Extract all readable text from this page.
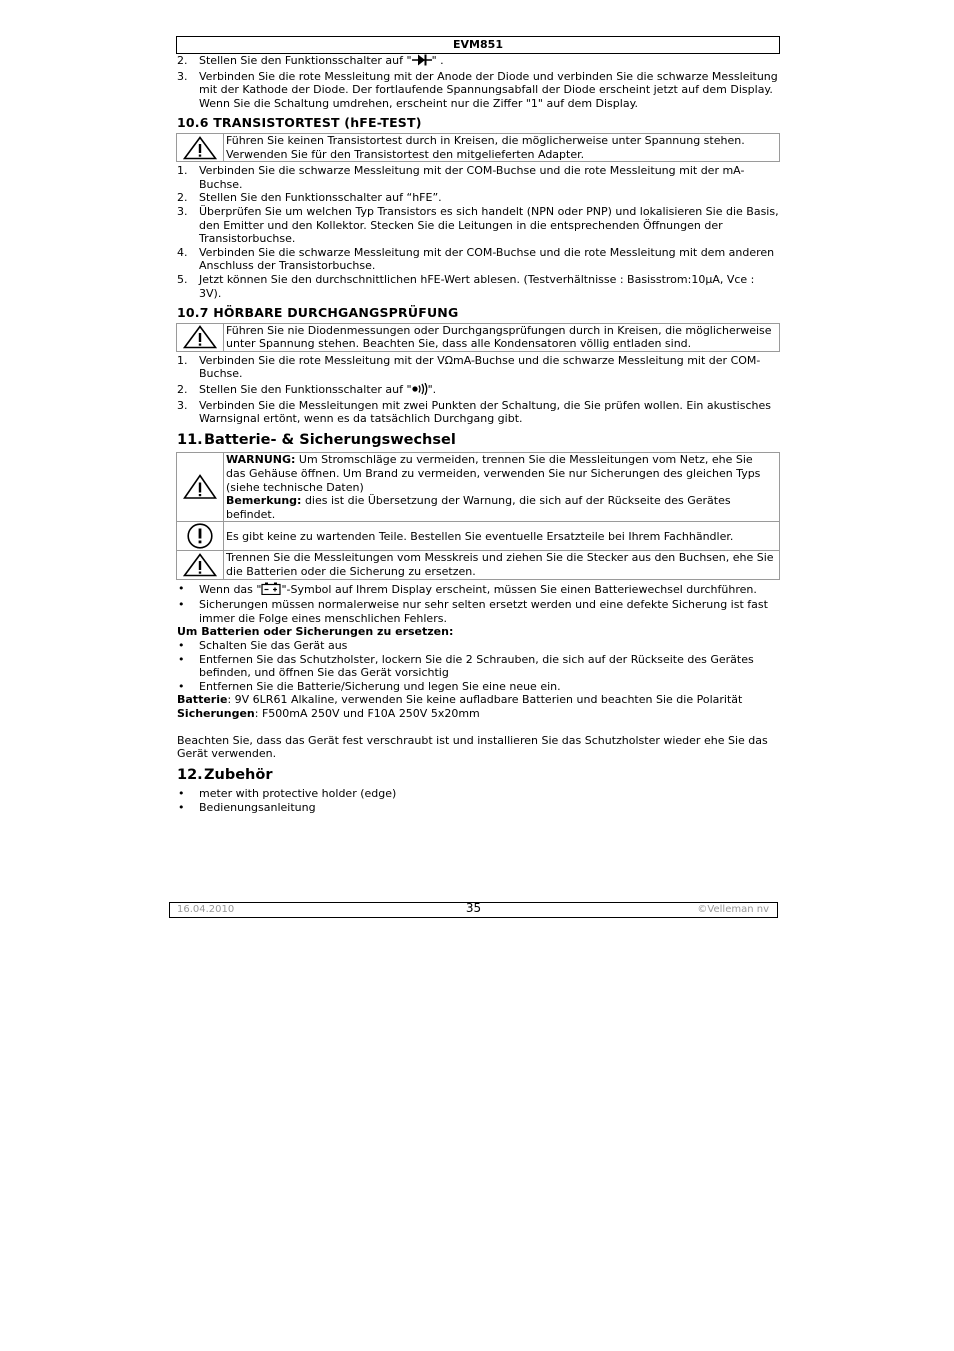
EVM851
2. Stellen Sie den Funktionsschalter auf " " .
3. Verbinden Sie die rote Messleitung mit der Anode der Diode und verbinden Sie die schwarze Messleitung mit der Kathode der Diode. Der fortlaufende Spannungsabfall der Diode erscheint jetzt auf dem Display. Wenn Sie die Schaltung umdrehen, erscheint nur die Ziffer "1" auf dem Display.
10.6 TRANSISTORTEST (hFE-TEST)
Führen Sie keinen Transistortest durch in Kreisen, die möglicherweise unter Spannung stehen. Verwenden Sie für den Transistortest den mitgelieferten Adapter.
1. Verbinden Sie die schwarze Messleitung mit der COM-Buchse und die rote Messleitung mit der mA-Buchse.
2. Stellen Sie den Funktionsschalter auf “hFE”.
3. Überprüfen Sie um welchen Typ Transistors es sich handelt (NPN oder PNP) und lokalisieren Sie die Basis, den Emitter und den Kollektor. Stecken Sie die Leitungen in die entsprechenden Öffnungen der Transistorbuchse.
4. Verbinden Sie die schwarze Messleitung mit der COM-Buchse und die rote Messleitung mit dem anderen Anschluss der Transistorbuchse.
5. Jetzt können Sie den durchschnittlichen hFE-Wert ablesen. (Testverhältnisse : Basisstrom:10µA, Vce : 3V).
10.7 HÖRBARE DURCHGANGSPRÜFUNG
Führen Sie nie Diodenmessungen oder Durchgangsprüfungen durch in Kreisen, die möglicherweise unter Spannung stehen. Beachten Sie, dass alle Kondensatoren völlig entladen sind.
1. Verbinden Sie die rote Messleitung mit der VΩmA-Buchse und die schwarze Messleitung mit der COM-Buchse.
2. Stellen Sie den Funktionsschalter auf " ".
3. Verbinden Sie die Messleitungen mit zwei Punkten der Schaltung, die Sie prüfen wollen. Ein akustisches Warnsignal ertönt, wenn es da tatsächlich Durchgang gibt.
11.Batterie- & Sicherungswechsel
WARNUNG: Um Stromschläge zu vermeiden, trennen Sie die Messleitungen vom Netz, ehe Sie das Gehäuse öffnen. Um Brand zu vermeiden, verwenden Sie nur Sicherungen des gleichen Typs (siehe technische Daten)
Bemerkung: dies ist die Übersetzung der Warnung, die sich auf der Rückseite des Gerätes befindet.
Es gibt keine zu wartenden Teile. Bestellen Sie eventuelle Ersatzteile bei Ihrem Fachhändler.
Trennen Sie die Messleitungen vom Messkreis und ziehen Sie die Stecker aus den Buchsen, ehe Sie die Batterien oder die Sicherung zu ersetzen.
• Wenn das " "-Symbol auf Ihrem Display erscheint, müssen Sie einen Batteriewechsel durchführen.
• Sicherungen müssen normalerweise nur sehr selten ersetzt werden und eine defekte Sicherung ist fast immer die Folge eines menschlichen Fehlers.
Um Batterien oder Sicherungen zu ersetzen:
• Schalten Sie das Gerät aus
• Entfernen Sie das Schutzholster, lockern Sie die 2 Schrauben, die sich auf der Rückseite des Gerätes befinden, und öffnen Sie das Gerät vorsichtig
• Entfernen Sie die Batterie/Sicherung und legen Sie eine neue ein.
Batterie: 9V 6LR61 Alkaline, verwenden Sie keine aufladbare Batterien und beachten Sie die Polarität
Sicherungen: F500mA 250V und F10A 250V 5x20mm
Beachten Sie, dass das Gerät fest verschraubt ist und installieren Sie das Schutzholster wieder ehe Sie das Gerät verwenden.
12.Zubehör
• meter with protective holder (edge)
• Bedienungsanleitung
16.04.2010	35	©Velleman nv
